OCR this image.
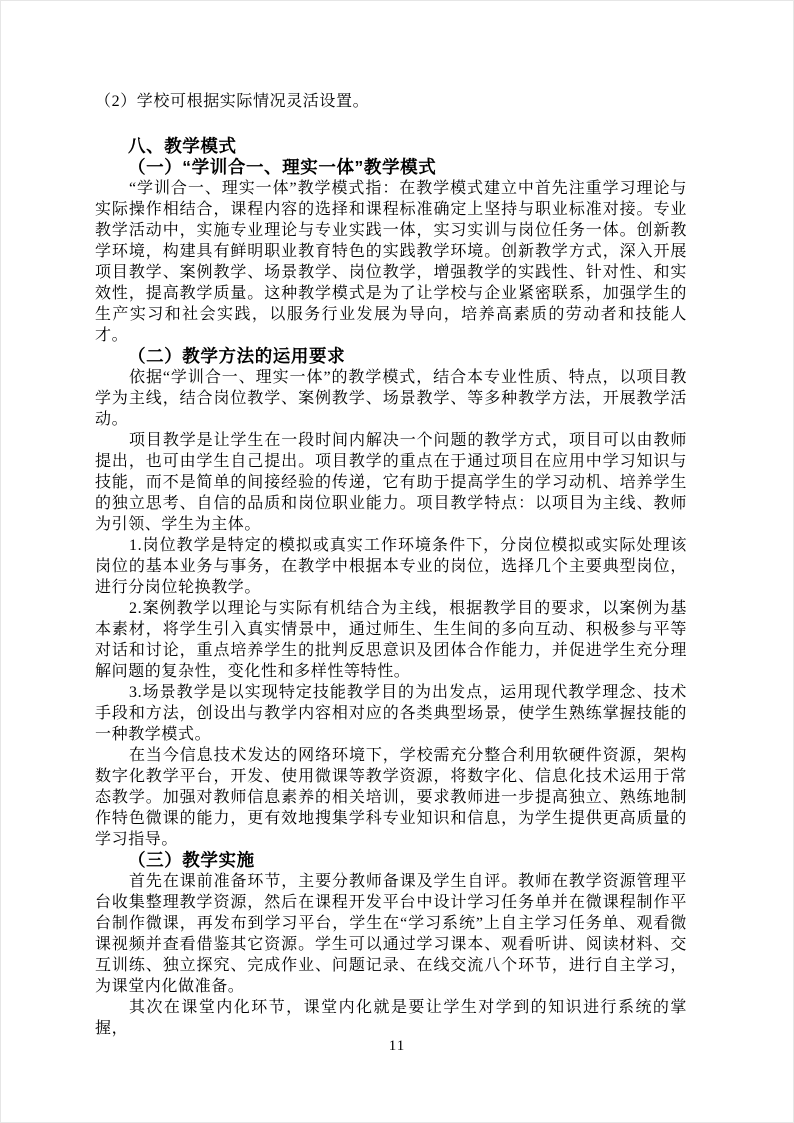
（2）学校可根据实际情况灵活设置。

八、教学模式

（一）“学训合一、理实一体”教学模式

“学训合一、理实一体”教学模式指：在教学模式建立中首先注重学习理论与实际操作相结合，课程内容的选择和课程标准确定上坚持与职业标准对接。专业教学活动中，实施专业理论与专业实践一体，实习实训与岗位任务一体。创新教学环境，构建具有鲜明职业教育特色的实践教学环境。创新教学方式，深入开展项目教学、案例教学、场景教学、岗位教学，增强教学的实践性、针对性、和实效性，提高教学质量。这种教学模式是为了让学校与企业紧密联系，加强学生的生产实习和社会实践，以服务行业发展为导向，培养高素质的劳动者和技能人才。

（二）教学方法的运用要求

依据“学训合一、理实一体”的教学模式，结合本专业性质、特点，以项目教学为主线，结合岗位教学、案例教学、场景教学、等多种教学方法，开展教学活动。

项目教学是让学生在一段时间内解决一个问题的教学方式，项目可以由教师提出，也可由学生自己提出。项目教学的重点在于通过项目在应用中学习知识与技能，而不是简单的间接经验的传递，它有助于提高学生的学习动机、培养学生的独立思考、自信的品质和岗位职业能力。项目教学特点：以项目为主线、教师为引领、学生为主体。

1.岗位教学是特定的模拟或真实工作环境条件下，分岗位模拟或实际处理该岗位的基本业务与事务，在教学中根据本专业的岗位，选择几个主要典型岗位，进行分岗位轮换教学。

2.案例教学以理论与实际有机结合为主线，根据教学目的要求，以案例为基本素材，将学生引入真实情景中，通过师生、生生间的多向互动、积极参与平等对话和讨论，重点培养学生的批判反思意识及团体合作能力，并促进学生充分理解问题的复杂性，变化性和多样性等特性。

3.场景教学是以实现特定技能教学目的为出发点，运用现代教学理念、技术手段和方法，创设出与教学内容相对应的各类典型场景，使学生熟练掌握技能的一种教学模式。

在当今信息技术发达的网络环境下，学校需充分整合利用软硬件资源，架构数字化教学平台，开发、使用微课等教学资源，将数字化、信息化技术运用于常态教学。加强对教师信息素养的相关培训，要求教师进一步提高独立、熟练地制作特色微课的能力，更有效地搜集学科专业知识和信息，为学生提供更高质量的学习指导。

（三）教学实施

首先在课前准备环节，主要分教师备课及学生自评。教师在教学资源管理平台收集整理教学资源，然后在课程开发平台中设计学习任务单并在微课程制作平台制作微课，再发布到学习平台，学生在“学习系统”上自主学习任务单、观看微课视频并查看借鉴其它资源。学生可以通过学习课本、观看听讲、阅读材料、交互训练、独立探究、完成作业、问题记录、在线交流八个环节，进行自主学习，为课堂内化做准备。

其次在课堂内化环节，课堂内化就是要让学生对学到的知识进行系统的掌握，

11
